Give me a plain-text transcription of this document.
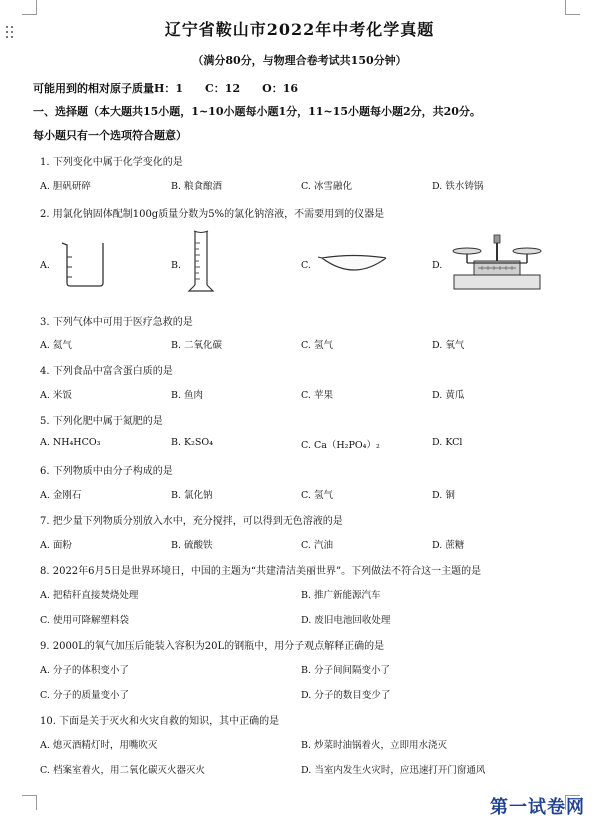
辽宁省鞍山市2022年中考化学真题
（满分80分，与物理合卷考试共150分钟）
可能用到的相对原子质量H：1　　C：12　　O：16
一、选择题（本大题共15小题，1~10小题每小题1分，11~15小题每小题2分，共20分。
每小题只有一个选项符合题意）
1. 下列变化中属于化学变化的是
A. 胆矾研碎	B. 粮食酿酒	C. 冰雪融化	D. 铁水铸锅
2. 用氯化钠固体配制100g质量分数为5%的氯化钠溶液，不需要用到的仪器是
A.	B.	C.	D.
3. 下列气体中可用于医疗急救的是
A. 氦气	B. 二氧化碳	C. 氢气	D. 氧气
4. 下列食品中富含蛋白质的是
A. 米饭	B. 鱼肉	C. 苹果	D. 黄瓜
5. 下列化肥中属于氮肥的是
A. NH₄HCO₃	B. K₂SO₄	C. Ca（H₂PO₄）₂	D. KCl
6. 下列物质中由分子构成的是
A. 金刚石	B. 氯化钠	C. 氢气	D. 铜
7. 把少量下列物质分别放入水中，充分搅拌，可以得到无色溶液的是
A. 面粉	B. 硫酸铁	C. 汽油	D. 蔗糖
8. 2022年6月5日是世界环境日，中国的主题为“共建清洁美丽世界”。下列做法不符合这一主题的是
A. 把秸秆直接焚烧处理	B. 推广新能源汽车
C. 使用可降解塑料袋	D. 废旧电池回收处理
9. 2000L的氧气加压后能装入容积为20L的钢瓶中，用分子观点解释正确的是
A. 分子的体积变小了	B. 分子间间隔变小了
C. 分子的质量变小了	D. 分子的数目变少了
10. 下面是关于灭火和火灾自救的知识，其中正确的是
A. 熄灭酒精灯时，用嘴吹灭	B. 炒菜时油锅着火，立即用水浇灭
C. 档案室着火，用二氧化碳灭火器灭火	D. 当室内发生火灾时，应迅速打开门窗通风
第一试卷网
